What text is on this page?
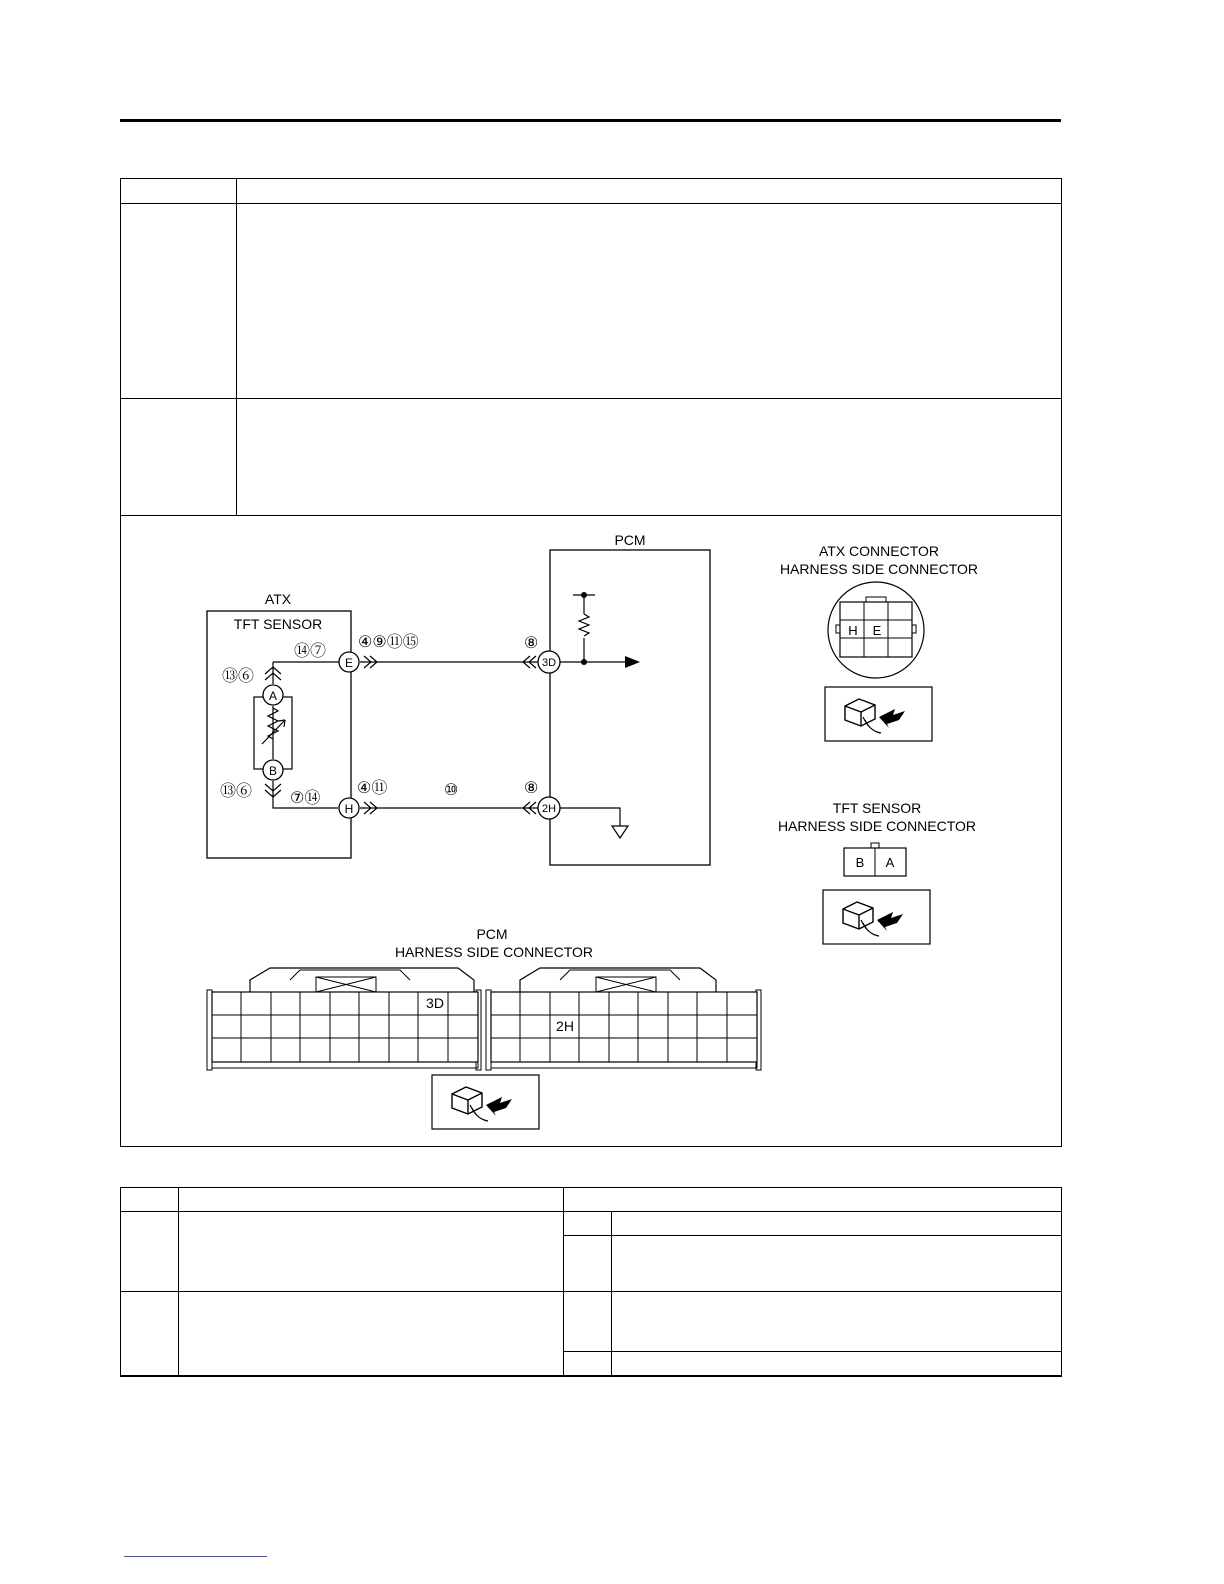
ATX
TFT SENSOR
PCM
A
B
E
H
3D
2H
④⑨⑪⑮
⑭⑦
⑬⑥
⑬⑥ ⑦⑭
④⑪	⑩
⑧
⑧
ATX CONNECTOR
HARNESS SIDE CONNECTOR
H E
TFT SENSOR
HARNESS SIDE CONNECTOR
B A
PCM
HARNESS SIDE CONNECTOR
3D
2H
